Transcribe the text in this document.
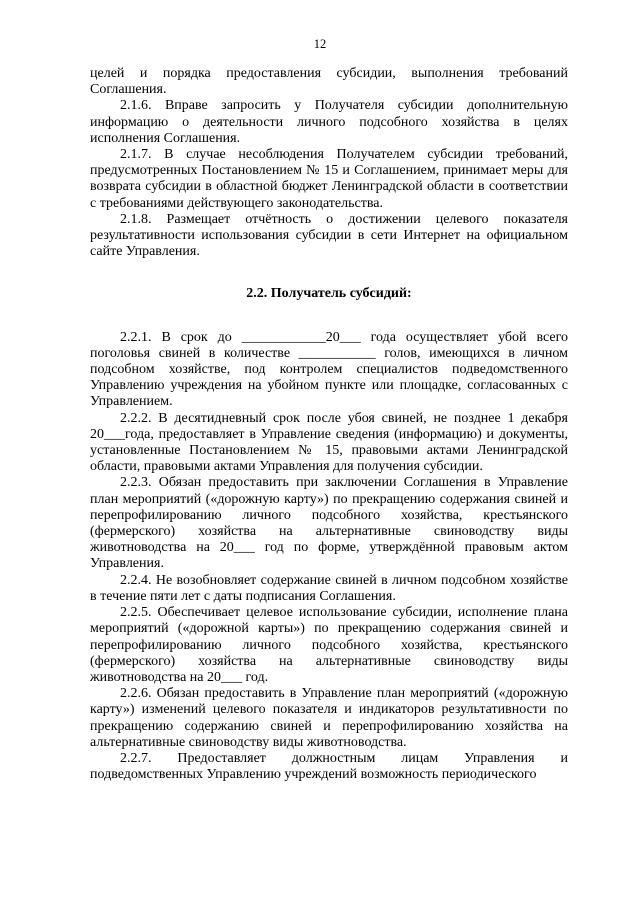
12

целей и порядка предоставления субсидии, выполнения требований Соглашения.

2.1.6. Вправе запросить у Получателя субсидии дополнительную информацию о деятельности личного подсобного хозяйства в целях исполнения Соглашения.

2.1.7. В случае несоблюдения Получателем субсидии требований, предусмотренных Постановлением № 15 и Соглашением, принимает меры для возврата субсидии в областной бюджет Ленинградской области в соответствии с требованиями действующего законодательства.

2.1.8. Размещает отчётность о достижении целевого показателя результативности использования субсидии в сети Интернет на официальном сайте Управления.

2.2. Получатель субсидий:

2.2.1. В срок до ____________20___ года осуществляет убой всего поголовья свиней в количестве ___________ голов, имеющихся в личном подсобном хозяйстве, под контролем специалистов подведомственного Управлению учреждения на убойном пункте или площадке, согласованных с Управлением.

2.2.2. В десятидневный срок после убоя свиней, не позднее 1 декабря 20___года, предоставляет в Управление сведения (информацию) и документы, установленные Постановлением № 15, правовыми актами Ленинградской области, правовыми актами Управления для получения субсидии.

2.2.3. Обязан предоставить при заключении Соглашения в Управление план мероприятий («дорожную карту») по прекращению содержания свиней и перепрофилированию личного подсобного хозяйства, крестьянского (фермерского) хозяйства на альтернативные свиноводству виды животноводства на 20___ год по форме, утверждённой правовым актом Управления.

2.2.4. Не возобновляет содержание свиней в личном подсобном хозяйстве в течение пяти лет с даты подписания Соглашения.

2.2.5. Обеспечивает целевое использование субсидии, исполнение плана мероприятий («дорожной карты») по прекращению содержания свиней и перепрофилированию личного подсобного хозяйства, крестьянского (фермерского) хозяйства на альтернативные свиноводству виды животноводства на 20___ год.

2.2.6. Обязан предоставить в Управление план мероприятий («дорожную карту») изменений целевого показателя и индикаторов результативности по прекращению содержанию свиней и перепрофилированию хозяйства на альтернативные свиноводству виды животноводства.

2.2.7. Предоставляет должностным лицам Управления и подведомственных Управлению учреждений возможность периодического
